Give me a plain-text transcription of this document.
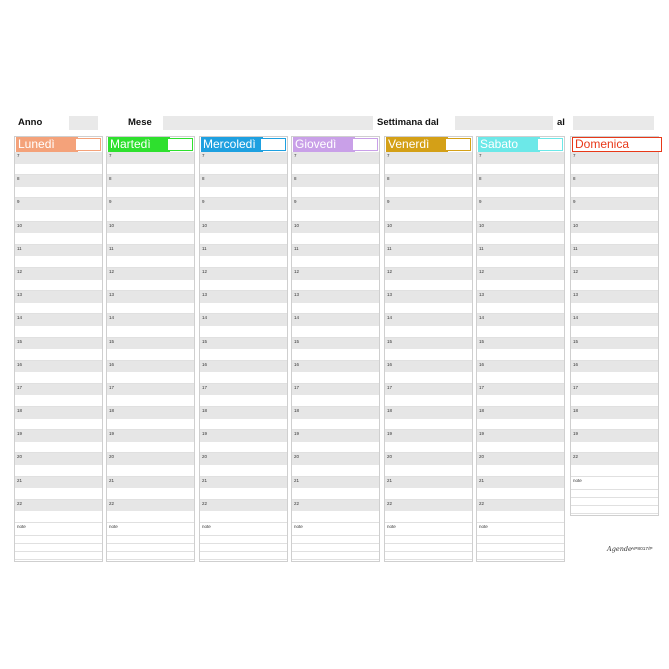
Anno	Mese	Settimana dal	al
Lunedì
7
8
9
10
11
12
13
14
15
16
17
18
19
20
21
22
note
Martedì
7
8
9
10
11
12
13
14
15
16
17
18
19
20
21
22
note
Mercoledì
7
8
9
10
11
12
13
14
15
16
17
18
19
20
21
22
note
Giovedì
7
8
9
10
11
12
13
14
15
16
17
18
19
20
21
22
note
Venerdì
7
8
9
10
11
12
13
14
15
16
17
18
19
20
21
22
note
Sabato
7
8
9
10
11
12
13
14
15
16
17
18
19
20
21
22
note
Domenica
7
8
9
10
11
12
13
14
15
16
17
18
19
22
note
Agende AP8017/P
